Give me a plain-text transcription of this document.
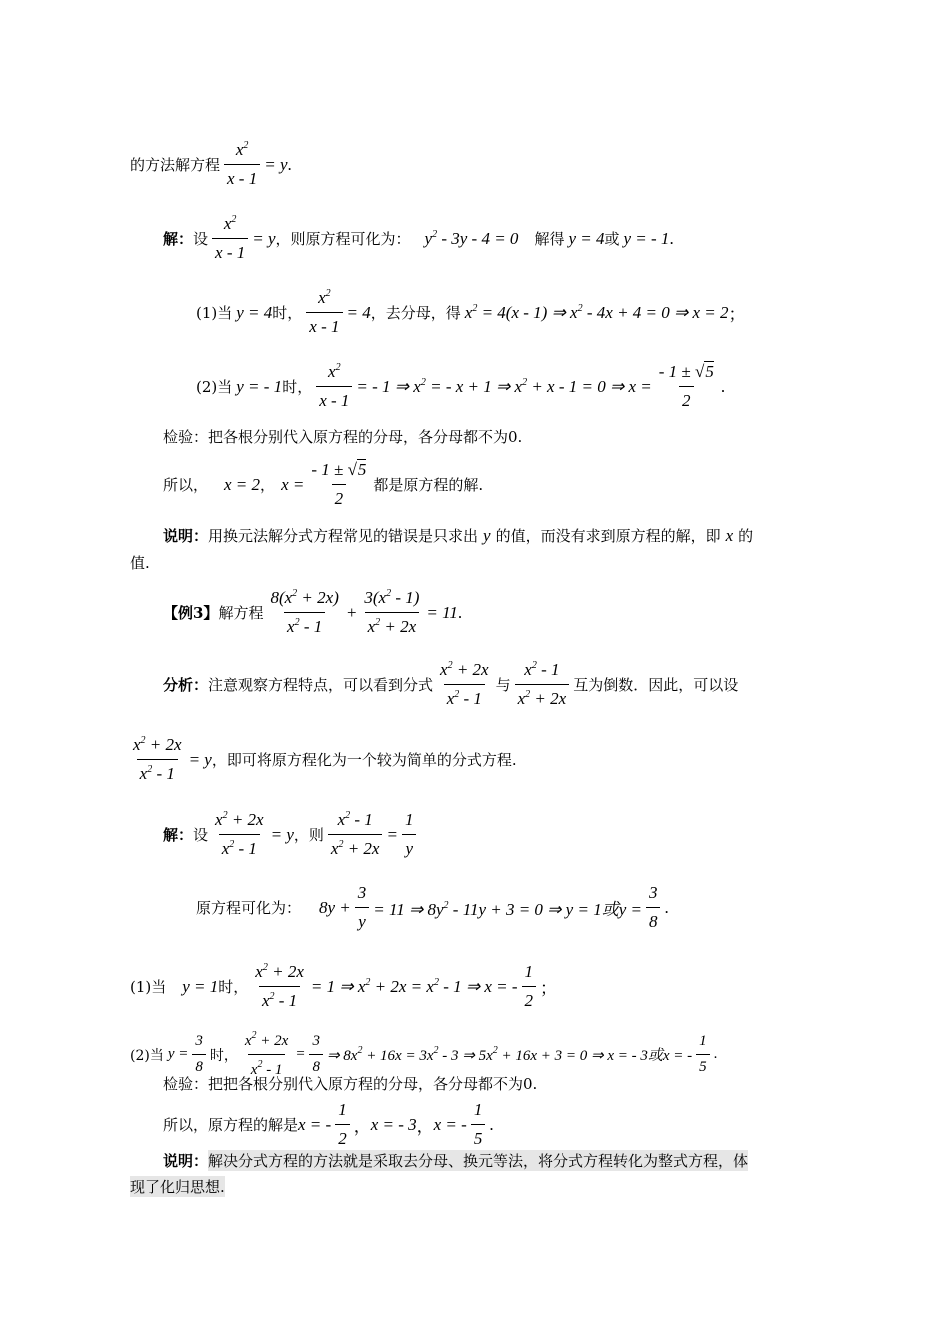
的方法解方程 $\frac{x^2}{x - 1} = y$ .
解： 设 $\frac{x^2}{x - 1} = y$ ，则原方程可化为： $y^2 - 3y - 4 = 0$ 解得 y = 4 或 y = - 1 .
(1)当 y = 4 时， $\frac{x^2}{x - 1} = 4$ ，去分母，得 $x^2 = 4(x - 1)$ ⇒ $x^2 - 4x + 4 = 0$ ⇒ x = 2 ；
(2)当 y = - 1 时， $\frac{x^2}{x - 1}$ = - 1 ⇒ $x^2$ = - x + 1 ⇒ $x^2 + x - 1 = 0$ ⇒ $x = \frac{- 1 \pm √5}{2}$ .
检验：把各根分别代入原方程的分母，各分母都不为0.
所以， x = 2 ， $x = \frac{- 1 \pm √5}{2}$ 都是原方程的解.
说明： 用换元法解分式方程常见的错误是只求出 y 的值，而没有求到原方程的解，即 x 的
值.
【例3】 解方程 $\frac{8(x^2 + 2x)}{x^2 - 1} + \frac{3(x^2 - 1)}{x^2 + 2x} = 11$ .
分析： 注意观察方程特点，可以看到分式 $\frac{x^2 + 2x}{x^2 - 1}$ 与 $\frac{x^2 - 1}{x^2 + 2x}$ 互为倒数．因此，可以设
$\frac{x^2 + 2x}{x^2 - 1} = y$ ，即可将原方程化为一个较为简单的分式方程.
解： 设 $\frac{x^2 + 2x}{x^2 - 1} = y$ ，则 $\frac{x^2 - 1}{x^2 + 2x} = \frac{1}{y}$
原方程可化为： $8y + \frac{3}{y} = 11$ ⇒ $8y^2 - 11y + 3 = 0$ ⇒ y = 1或$y = \frac{3}{8}$ .
(1)当 y = 1 时， $\frac{x^2 + 2x}{x^2 - 1} = 1$ ⇒ $x^2 + 2x = x^2 - 1$ ⇒ x = - $\frac{1}{2}$ ；
(2)当 $y = \frac{3}{8}$ 时， $\frac{x^2 + 2x}{x^2 - 1} = \frac{3}{8}$ ⇒ $8x^2 + 16x = 3x^2 - 3$ ⇒ $5x^2 + 16x + 3 = 0$ ⇒ x = - 3或x = - $\frac{1}{5}$ .
检验：把把各根分别代入原方程的分母，各分母都不为0.
所以，原方程的解是 x = - $\frac{1}{2}$ ， x = - 3 ， x = - $\frac{1}{5}$ .
说明： 解决分式方程的方法就是采取去分母、换元等法，将分式方程转化为整式方程，体
现了化归思想.
